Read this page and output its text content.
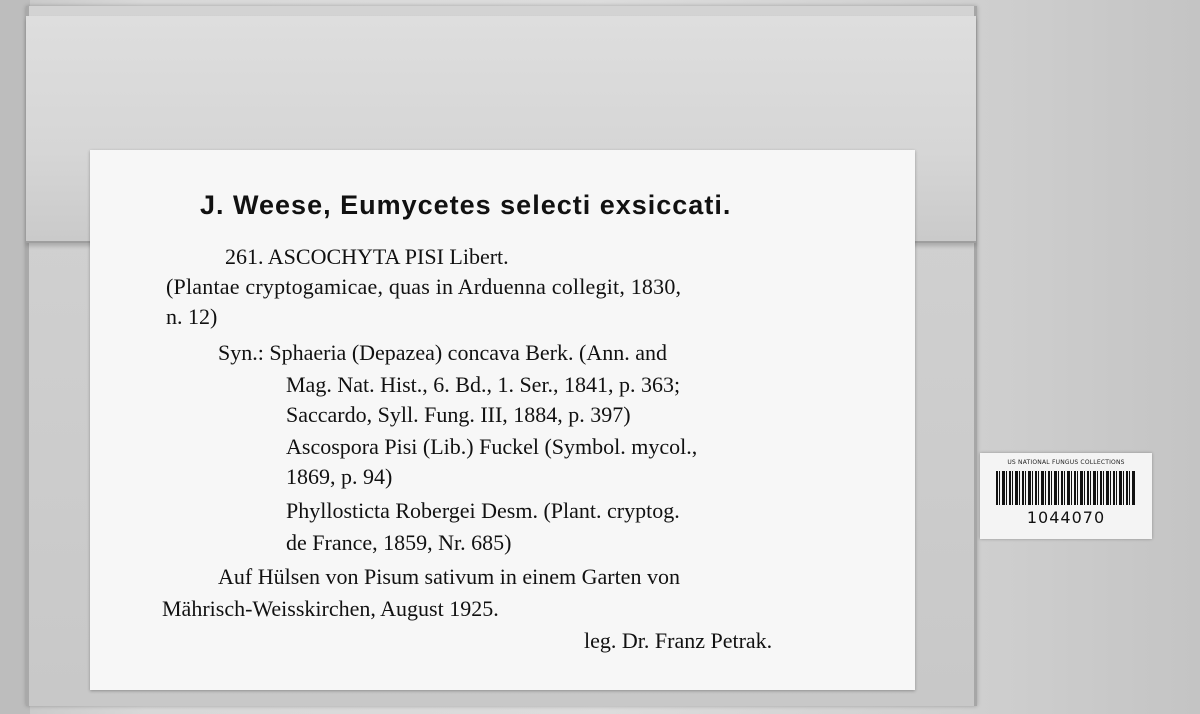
J. Weese, Eumycetes selecti exsiccati.
261. ASCOCHYTA PISI Libert.
(Plantae cryptogamicae, quas in Arduenna collegit, 1830,
n. 12)
Syn.: Sphaeria (Depazea) concava Berk. (Ann. and
Mag. Nat. Hist., 6. Bd., 1. Ser., 1841, p. 363;
Saccardo, Syll. Fung. III, 1884, p. 397)
Ascospora Pisi (Lib.) Fuckel (Symbol. mycol.,
1869, p. 94)
Phyllosticta Robergei Desm. (Plant. cryptog.
de France, 1859, Nr. 685)
Auf Hülsen von Pisum sativum in einem Garten von
Mährisch-Weisskirchen, August 1925.
leg. Dr. Franz Petrak.
US NATIONAL FUNGUS COLLECTIONS
1044070
